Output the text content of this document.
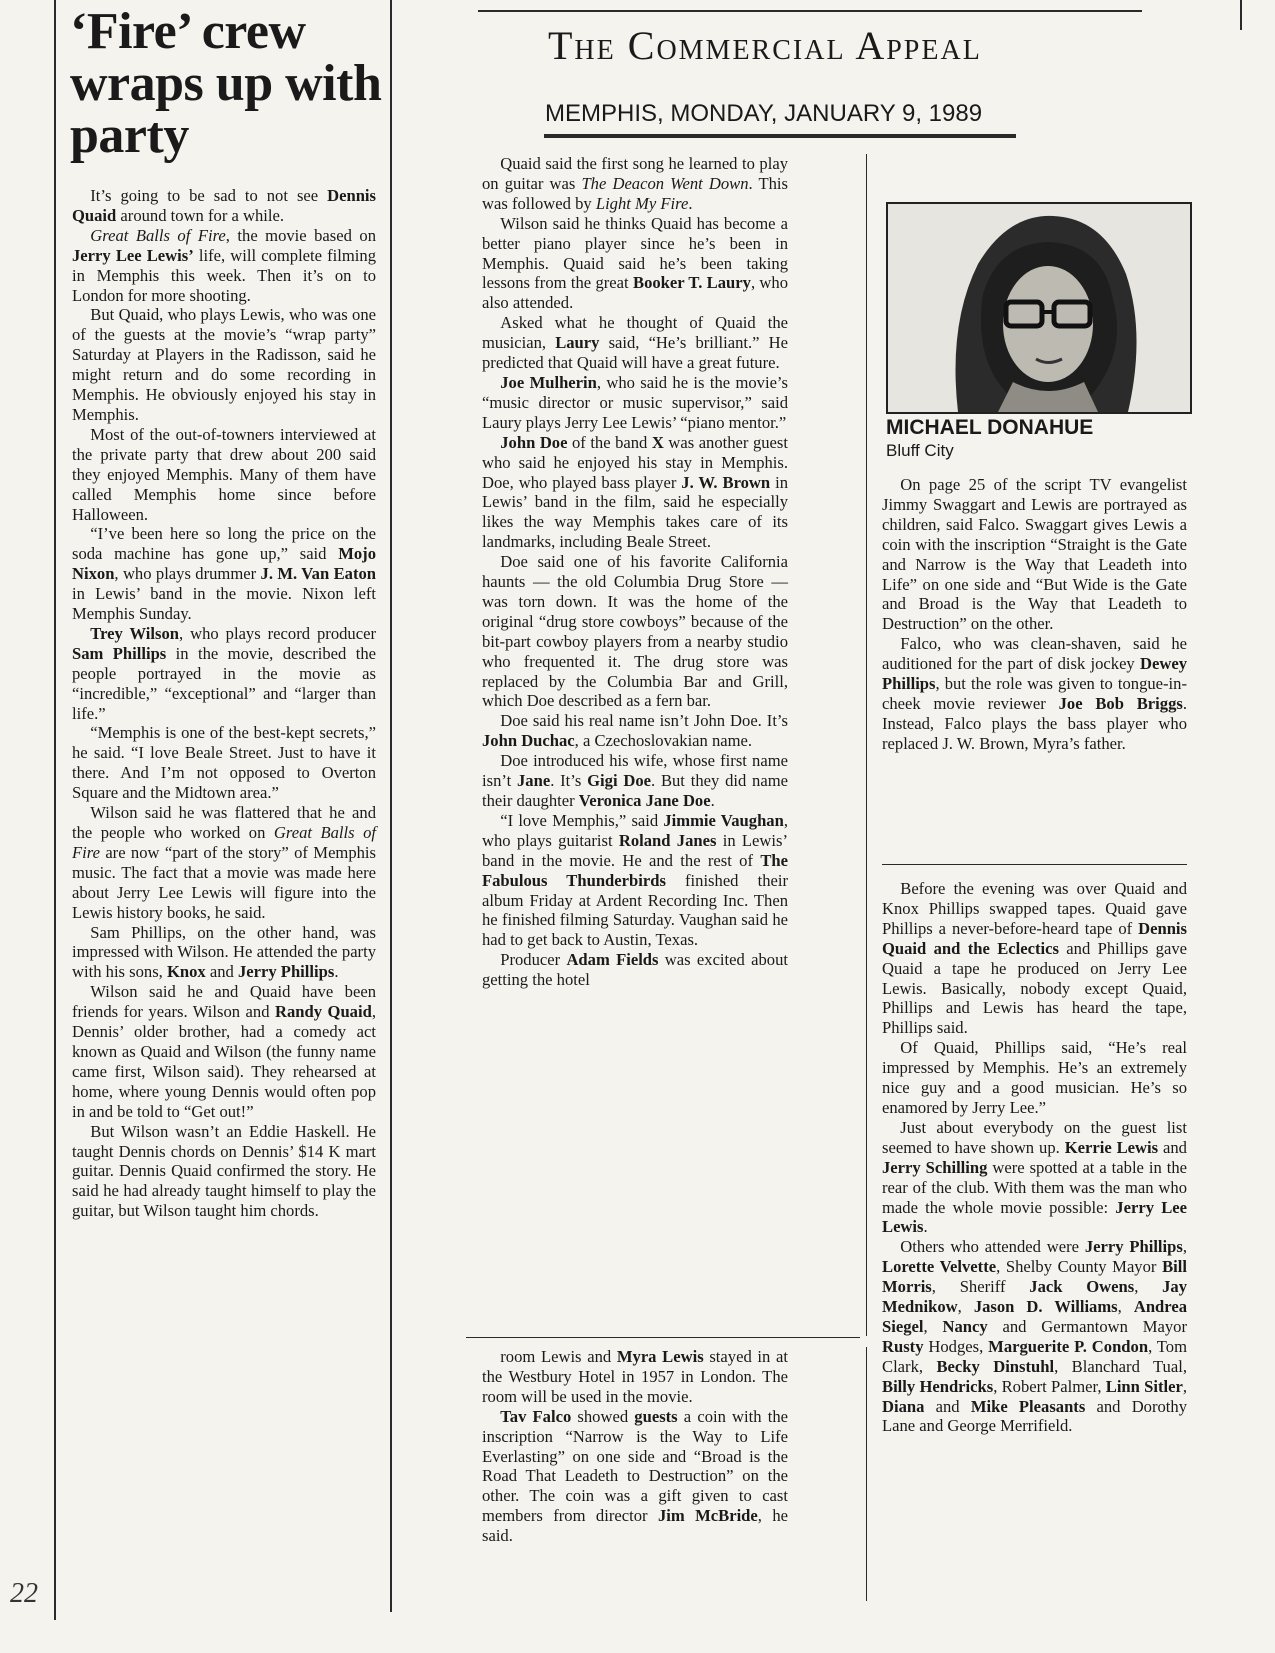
‘Fire’ crew wraps up with party
The Commercial Appeal
MEMPHIS, MONDAY, JANUARY 9, 1989
MICHAEL DONAHUE
Bluff City

It’s going to be sad to not see Dennis Quaid around town for a while.

Great Balls of Fire, the movie based on Jerry Lee Lewis’ life, will complete filming in Memphis this week. Then it’s on to London for more shooting.

But Quaid, who plays Lewis, who was one of the guests at the movie’s “wrap party” Saturday at Players in the Radisson, said he might return and do some recording in Memphis. He obviously enjoyed his stay in Memphis.

Most of the out-of-towners interviewed at the private party that drew about 200 said they enjoyed Memphis. Many of them have called Memphis home since before Halloween.

“I’ve been here so long the price on the soda machine has gone up,” said Mojo Nixon, who plays drummer J. M. Van Eaton in Lewis’ band in the movie. Nixon left Memphis Sunday.

Trey Wilson, who plays record producer Sam Phillips in the movie, described the people portrayed in the movie as “incredible,” “exceptional” and “larger than life.”

“Memphis is one of the best-kept secrets,” he said. “I love Beale Street. Just to have it there. And I’m not opposed to Overton Square and the Midtown area.”

Wilson said he was flattered that he and the people who worked on Great Balls of Fire are now “part of the story” of Memphis music. The fact that a movie was made here about Jerry Lee Lewis will figure into the Lewis history books, he said.

Sam Phillips, on the other hand, was impressed with Wilson. He attended the party with his sons, Knox and Jerry Phillips.

Wilson said he and Quaid have been friends for years. Wilson and Randy Quaid, Dennis’ older brother, had a comedy act known as Quaid and Wilson (the funny name came first, Wilson said). They rehearsed at home, where young Dennis would often pop in and be told to “Get out!”

But Wilson wasn’t an Eddie Haskell. He taught Dennis chords on Dennis’ $14 K mart guitar. Dennis Quaid confirmed the story. He said he had already taught himself to play the guitar, but Wilson taught him chords.

Quaid said the first song he learned to play on guitar was The Deacon Went Down. This was followed by Light My Fire.

Wilson said he thinks Quaid has become a better piano player since he’s been in Memphis. Quaid said he’s been taking lessons from the great Booker T. Laury, who also attended.

Asked what he thought of Quaid the musician, Laury said, “He’s brilliant.” He predicted that Quaid will have a great future.

Joe Mulherin, who said he is the movie’s “music director or music supervisor,” said Laury plays Jerry Lee Lewis’ “piano mentor.”

John Doe of the band X was another guest who said he enjoyed his stay in Memphis. Doe, who played bass player J. W. Brown in Lewis’ band in the film, said he especially likes the way Memphis takes care of its landmarks, including Beale Street.

Doe said one of his favorite California haunts — the old Columbia Drug Store — was torn down. It was the home of the original “drug store cowboys” because of the bit-part cowboy players from a nearby studio who frequented it. The drug store was replaced by the Columbia Bar and Grill, which Doe described as a fern bar.

Doe said his real name isn’t John Doe. It’s John Duchac, a Czechoslovakian name.

Doe introduced his wife, whose first name isn’t Jane. It’s Gigi Doe. But they did name their daughter Veronica Jane Doe.

“I love Memphis,” said Jimmie Vaughan, who plays guitarist Roland Janes in Lewis’ band in the movie. He and the rest of The Fabulous Thunderbirds finished their album Friday at Ardent Recording Inc. Then he finished filming Saturday. Vaughan said he had to get back to Austin, Texas.

Producer Adam Fields was excited about getting the hotel

room Lewis and Myra Lewis stayed in at the Westbury Hotel in 1957 in London. The room will be used in the movie.

Tav Falco showed guests a coin with the inscription “Narrow is the Way to Life Everlasting” on one side and “Broad is the Road That Leadeth to Destruction” on the other. The coin was a gift given to cast members from director Jim McBride, he said.

On page 25 of the script TV evangelist Jimmy Swaggart and Lewis are portrayed as children, said Falco. Swaggart gives Lewis a coin with the inscription “Straight is the Gate and Narrow is the Way that Leadeth into Life” on one side and “But Wide is the Gate and Broad is the Way that Leadeth to Destruction” on the other.

Falco, who was clean-shaven, said he auditioned for the part of disk jockey Dewey Phillips, but the role was given to tongue-in-cheek movie reviewer Joe Bob Briggs. Instead, Falco plays the bass player who replaced J. W. Brown, Myra’s father.

Before the evening was over Quaid and Knox Phillips swapped tapes. Quaid gave Phillips a never-before-heard tape of Dennis Quaid and the Eclectics and Phillips gave Quaid a tape he produced on Jerry Lee Lewis. Basically, nobody except Quaid, Phillips and Lewis has heard the tape, Phillips said.

Of Quaid, Phillips said, “He’s real impressed by Memphis. He’s an extremely nice guy and a good musician. He’s so enamored by Jerry Lee.”

Just about everybody on the guest list seemed to have shown up. Kerrie Lewis and Jerry Schilling were spotted at a table in the rear of the club. With them was the man who made the whole movie possible: Jerry Lee Lewis.

Others who attended were Jerry Phillips, Lorette Velvette, Shelby County Mayor Bill Morris, Sheriff Jack Owens, Jay Mednikow, Jason D. Williams, Andrea Siegel, Nancy and Germantown Mayor Rusty Hodges, Marguerite P. Condon, Tom Clark, Becky Dinstuhl, Blanchard Tual, Billy Hendricks, Robert Palmer, Linn Sitler, Diana and Mike Pleasants and Dorothy Lane and George Merrifield.

22
